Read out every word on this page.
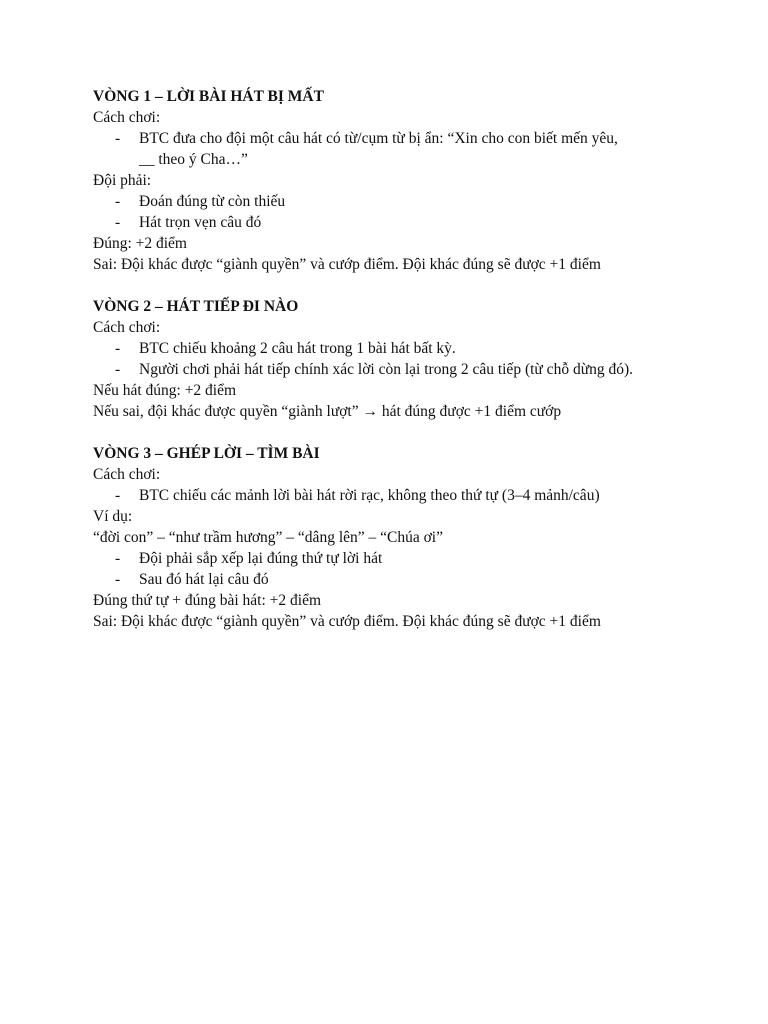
VÒNG 1 – LỜI BÀI HÁT BỊ MẤT
Cách chơi:
- BTC đưa cho đội một câu hát có từ/cụm từ bị ẩn: “Xin cho con biết mến yêu,
__ theo ý Cha…”
Đội phải:
- Đoán đúng từ còn thiếu
- Hát trọn vẹn câu đó
Đúng: +2 điểm
Sai: Đội khác được “giành quyền” và cướp điểm. Đội khác đúng sẽ được +1 điểm
VÒNG 2 – HÁT TIẾP ĐI NÀO
Cách chơi:
- BTC chiếu khoảng 2 câu hát trong 1 bài hát bất kỳ.
- Người chơi phải hát tiếp chính xác lời còn lại trong 2 câu tiếp (từ chỗ dừng đó).
Nếu hát đúng: +2 điểm
Nếu sai, đội khác được quyền “giành lượt” → hát đúng được +1 điểm cướp
VÒNG 3 – GHÉP LỜI – TÌM BÀI
Cách chơi:
- BTC chiếu các mảnh lời bài hát rời rạc, không theo thứ tự (3–4 mảnh/câu)
Ví dụ:
“đời con” – “như trầm hương” – “dâng lên” – “Chúa ơi”
- Đội phải sắp xếp lại đúng thứ tự lời hát
- Sau đó hát lại câu đó
Đúng thứ tự + đúng bài hát: +2 điểm
Sai: Đội khác được “giành quyền” và cướp điểm. Đội khác đúng sẽ được +1 điểm
